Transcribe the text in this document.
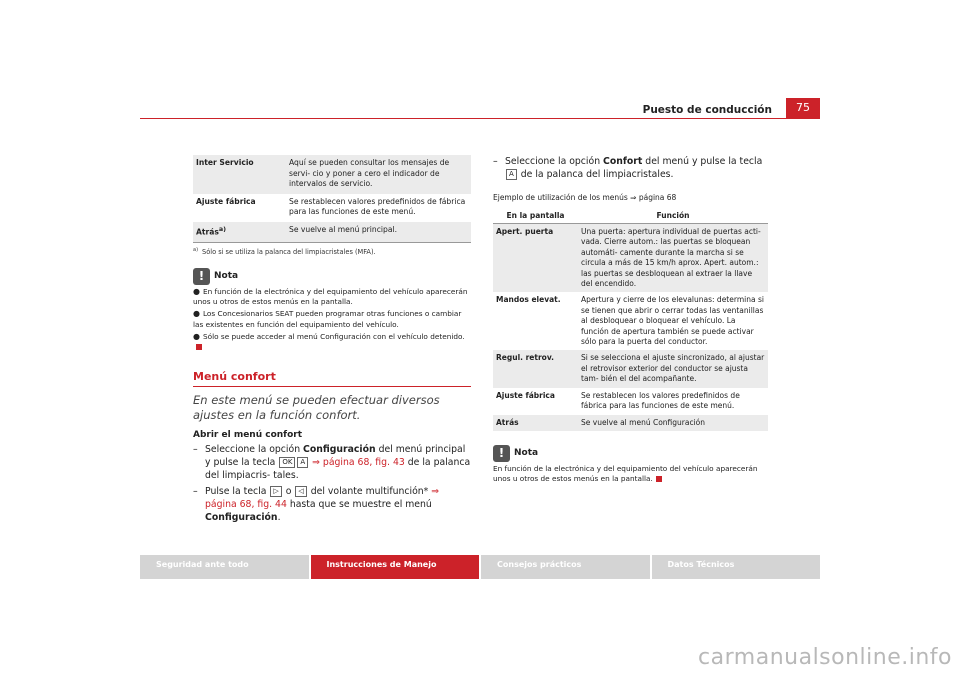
Puesto de conducción	75
Inter Servicio	Aquí se pueden consultar los mensajes de servi- cio y poner a cero el indicador de intervalos de servicio.
Ajuste fábrica	Se restablecen valores predefinidos de fábrica para las funciones de este menú.
Atrás$^{a)}$	Se vuelve al menú principal.
$^{a)}$ Sólo si se utiliza la palanca del limpiacristales (MFA).
!	Nota
● En función de la electrónica y del equipamiento del vehículo aparecerán unos u otros de estos menús en la pantalla.
● Los Concesionarios SEAT pueden programar otras funciones o cambiar las existentes en función del equipamiento del vehículo.
● Sólo se puede acceder al menú Configuración con el vehículo detenido.
Menú confort
En este menú se pueden efectuar diversos ajustes en la función confort.
Abrir el menú confort
– Seleccione la opción Configuración del menú principal y pulse la tecla OK A ⇒ página 68, fig. 43 de la palanca del limpiacris- tales.
– Pulse la tecla ▷ o ◁ del volante multifunción* ⇒ página 68, fig. 44 hasta que se muestre el menú Configuración.
– Seleccione la opción Confort del menú y pulse la tecla A de la palanca del limpiacristales.
Ejemplo de utilización de los menús ⇒ página 68
En la pantalla	Función
Apert. puerta	Una puerta: apertura individual de puertas acti- vada. Cierre autom.: las puertas se bloquean automáti- camente durante la marcha si se circula a más de 15 km/h aprox. Apert. autom.: las puertas se desbloquean al extraer la llave del encendido.
Mandos elevat.	Apertura y cierre de los elevalunas: determina si se tienen que abrir o cerrar todas las ventanillas al desbloquear o bloquear el vehículo. La función de apertura también se puede activar sólo para la puerta del conductor.
Regul. retrov.	Si se selecciona el ajuste sincronizado, al ajustar el retrovisor exterior del conductor se ajusta tam- bién el del acompañante.
Ajuste fábrica	Se restablecen los valores predefinidos de fábrica para las funciones de este menú.
Atrás	Se vuelve al menú Configuración
!	Nota
En función de la electrónica y del equipamiento del vehículo aparecerán unos u otros de estos menús en la pantalla.
Seguridad ante todo	Instrucciones de Manejo	Consejos prácticos	Datos Técnicos
carmanualsonline.info
